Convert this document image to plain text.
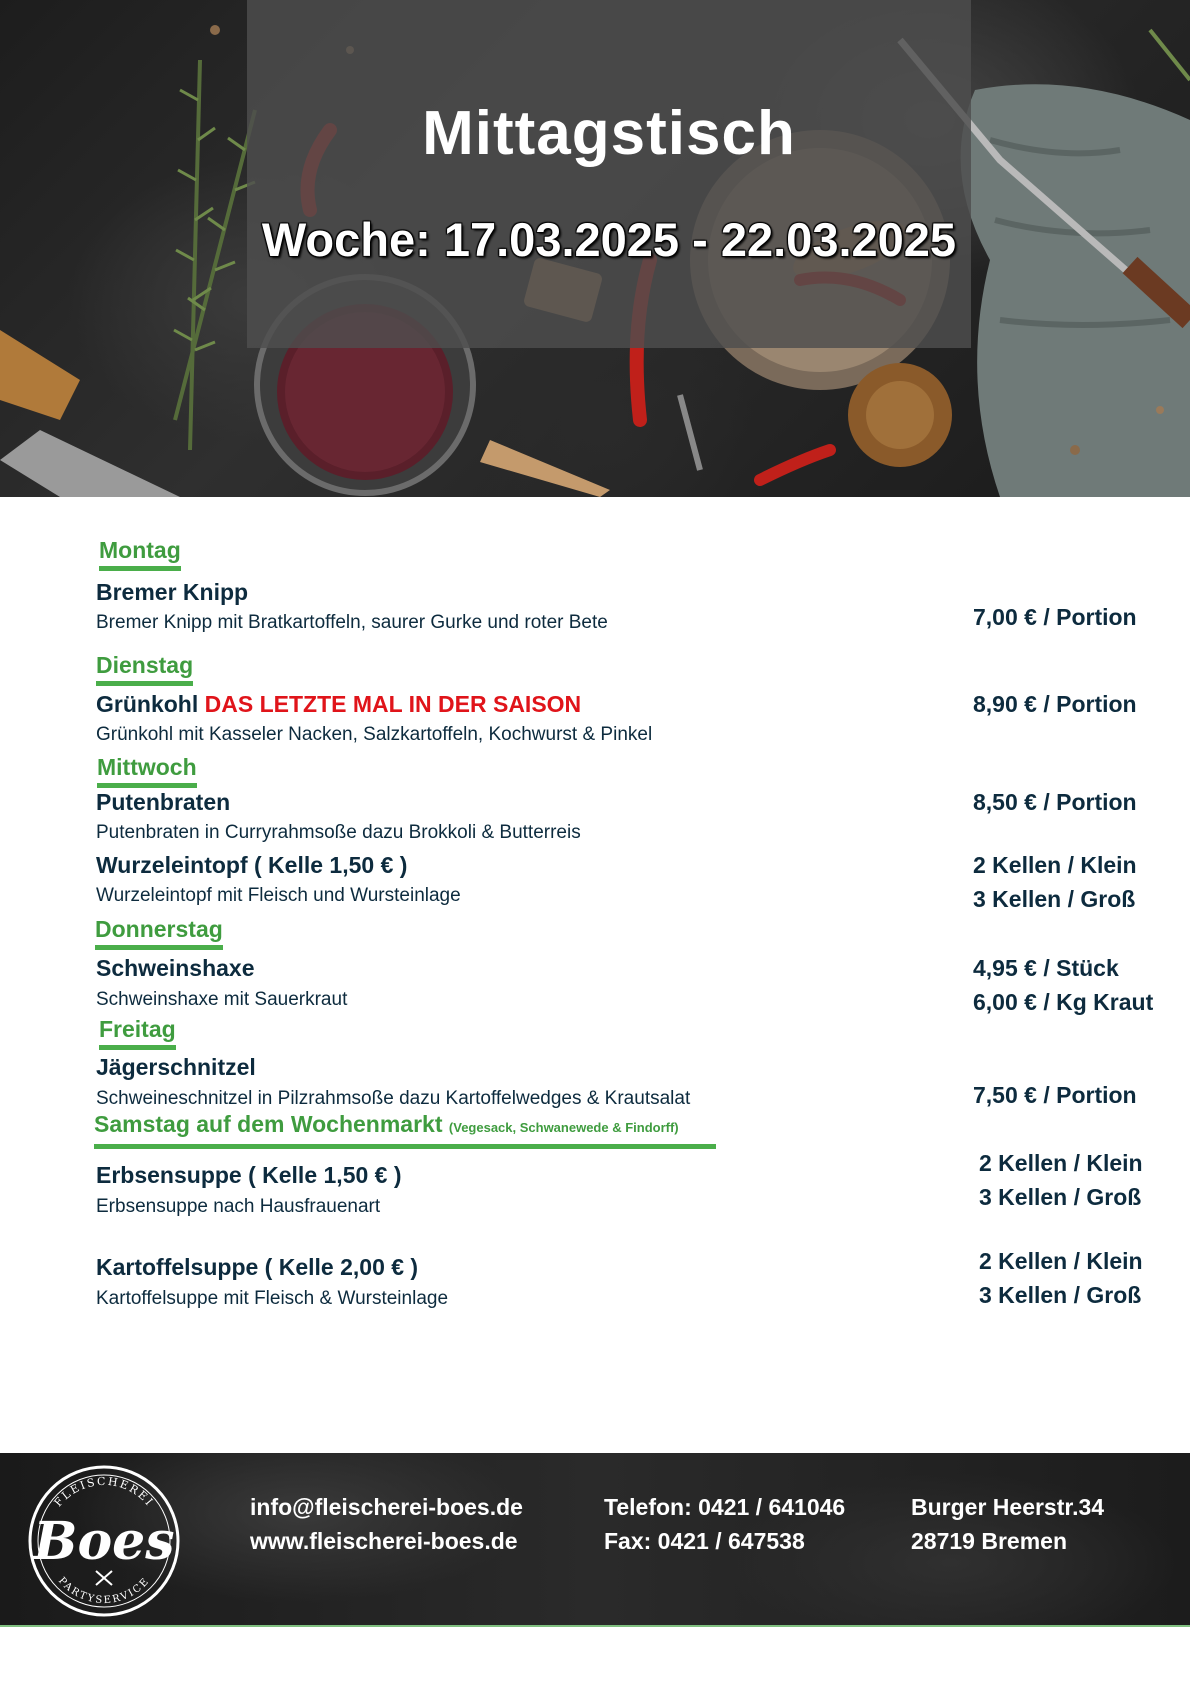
Mittagstisch
Woche: 17.03.2025 - 22.03.2025
Montag
Bremer Knipp
Bremer Knipp mit Bratkartoffeln, saurer Gurke und roter Bete	7,00 € / Portion
Dienstag
Grünkohl DAS LETZTE MAL IN DER SAISON
Grünkohl mit Kasseler Nacken, Salzkartoffeln, Kochwurst & Pinkel
8,90 € / Portion
Mittwoch
Putenbraten
Putenbraten in Curryrahmsoße dazu Brokkoli & Butterreis
8,50 € / Portion
Wurzeleintopf ( Kelle 1,50 € )
Wurzeleintopf mit Fleisch und Wursteinlage
2 Kellen / Klein
3 Kellen / Groß
Donnerstag
Schweinshaxe
Schweinshaxe mit Sauerkraut
4,95 € / Stück
6,00 € / Kg Kraut
Freitag
Jägerschnitzel
Schweineschnitzel in Pilzrahmsoße dazu Kartoffelwedges & Krautsalat	7,50 € / Portion
Samstag auf dem Wochenmarkt (Vegesack, Schwanewede & Findorff)
Erbsensuppe ( Kelle 1,50 € )
Erbsensuppe nach Hausfrauenart
2 Kellen / Klein
3 Kellen / Groß
Kartoffelsuppe ( Kelle 2,00 € )
Kartoffelsuppe mit Fleisch & Wursteinlage
2 Kellen / Klein
3 Kellen / Groß
FLEISCHEREI
PARTYSERVICE
Boes
info@fleischerei-boes.de
www.fleischerei-boes.de
Telefon: 0421 / 641046
Fax: 0421 / 647538
Burger Heerstr.34
28719 Bremen
